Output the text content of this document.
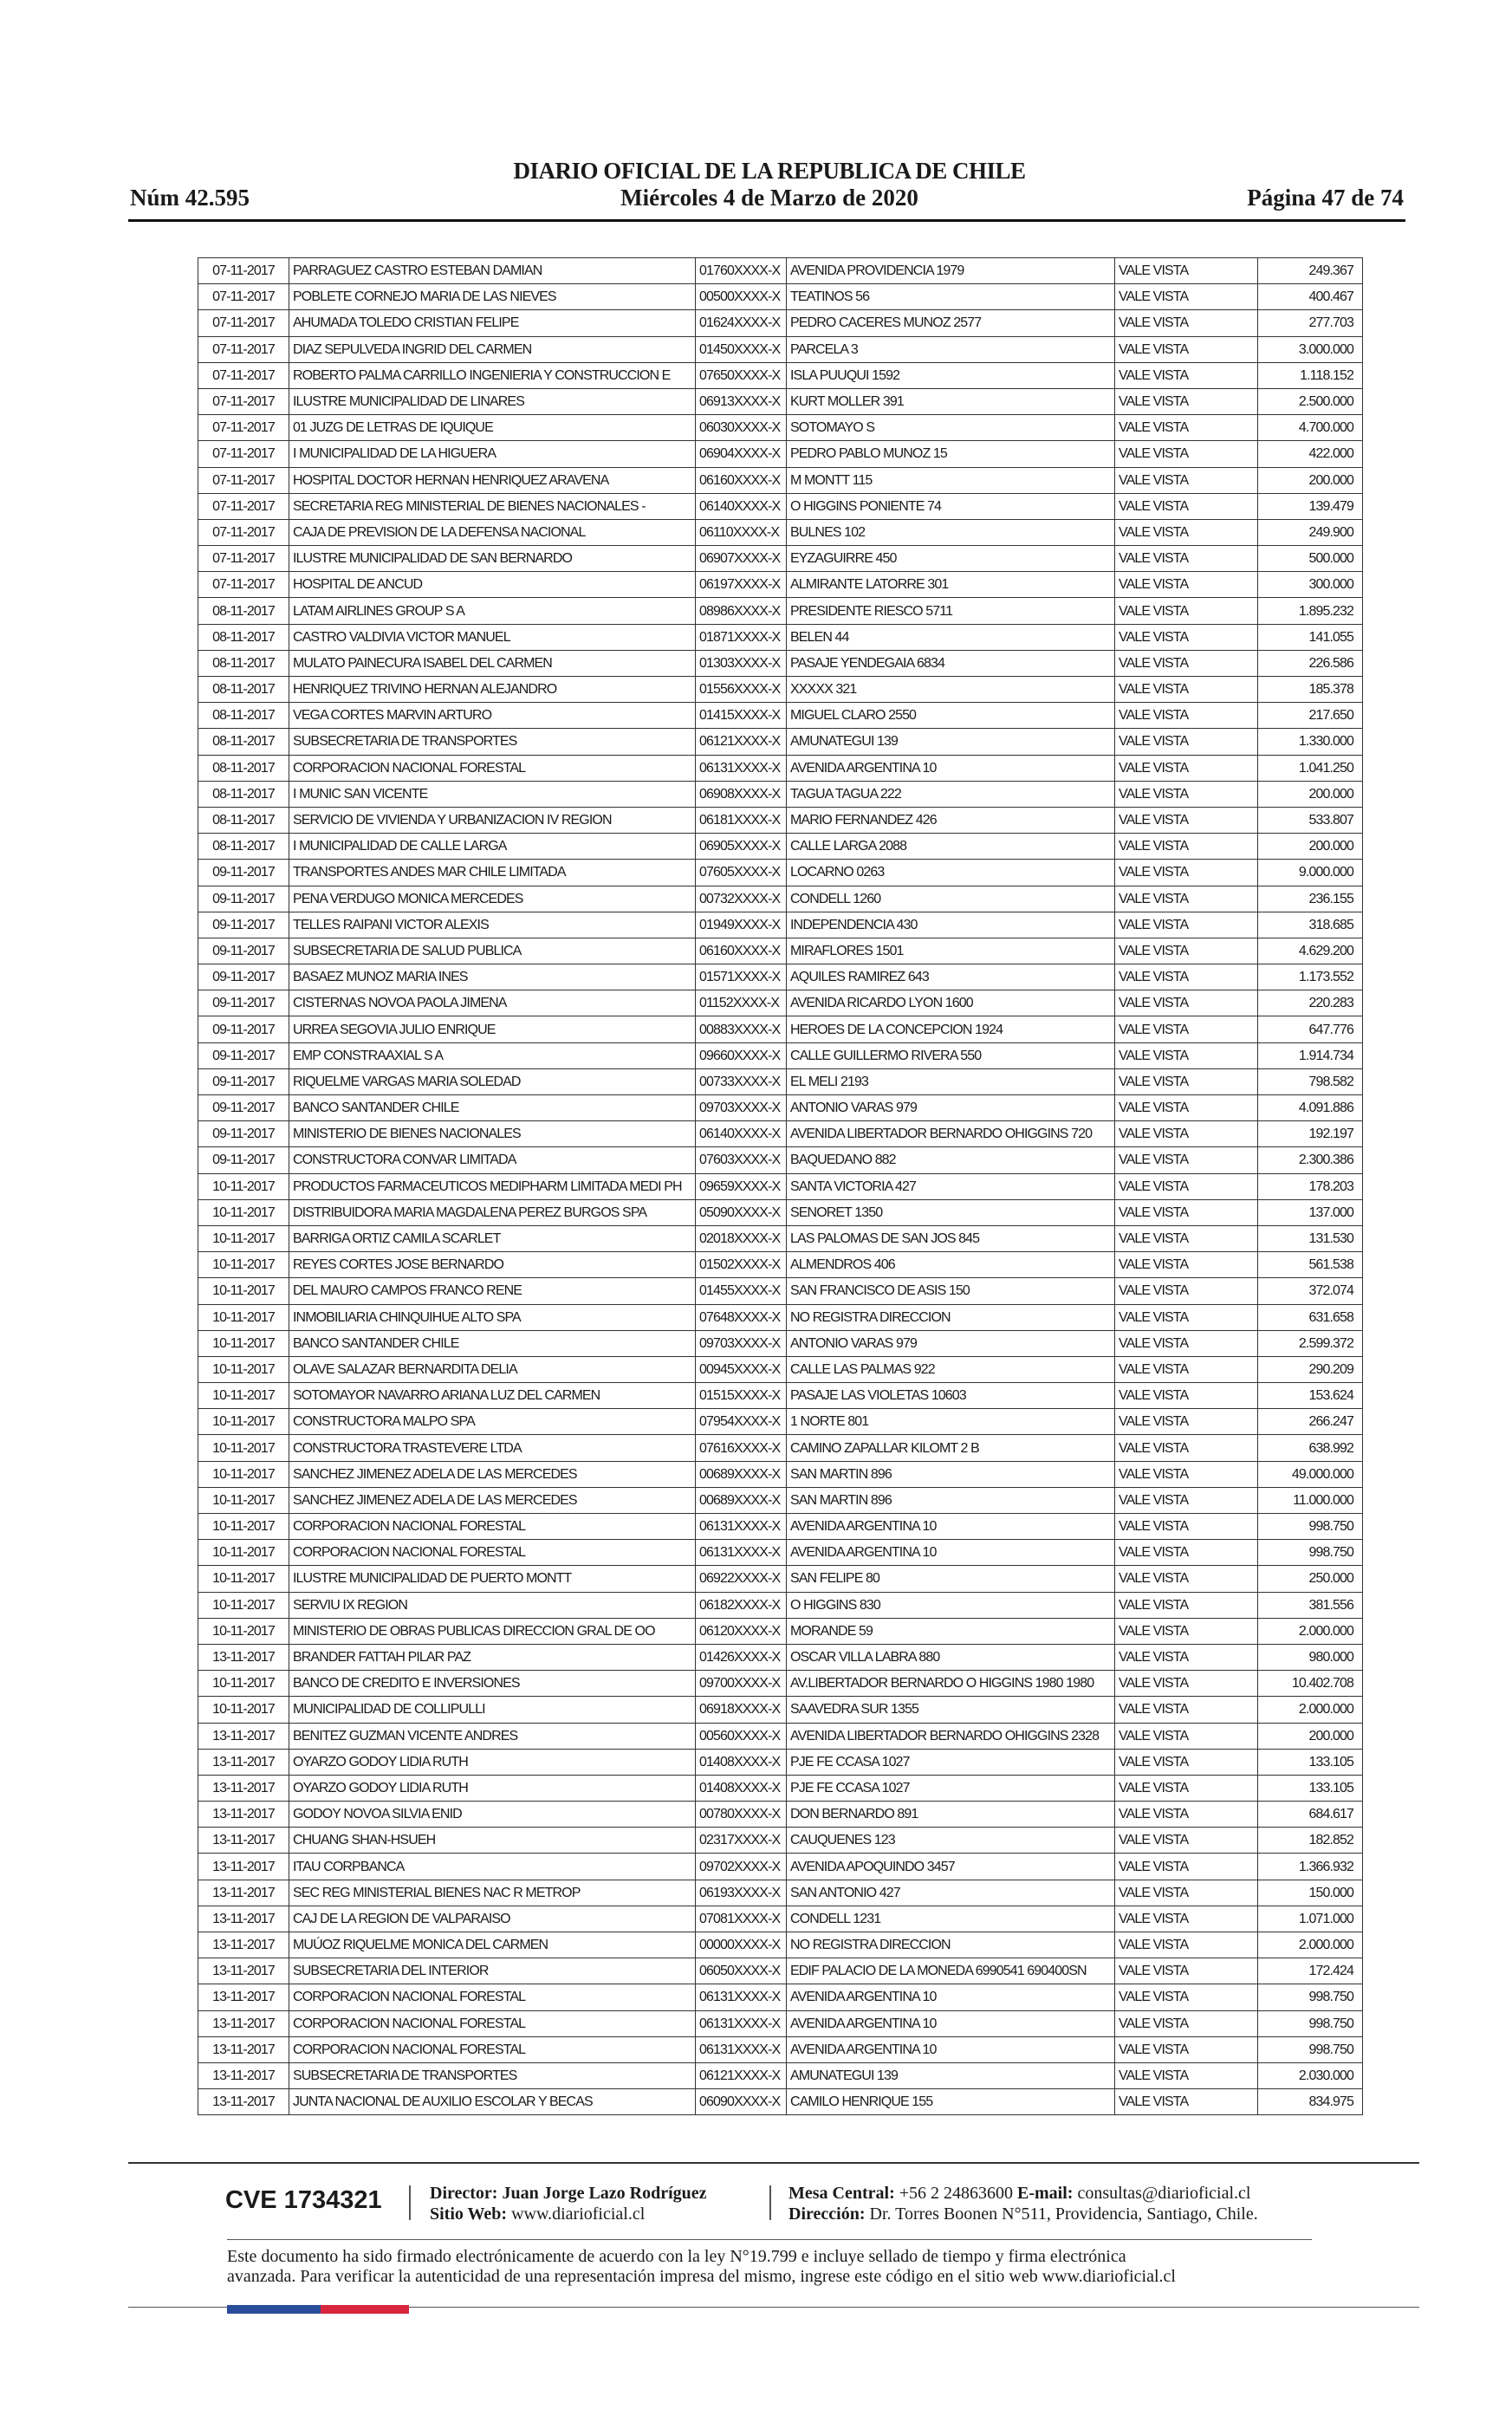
DIARIO OFICIAL DE LA REPUBLICA DE CHILE
Núm 42.595	Miércoles 4 de Marzo de 2020	Página 47 de 74
07-11-2017	PARRAGUEZ CASTRO ESTEBAN DAMIAN	01760XXXX-X	AVENIDA PROVIDENCIA 1979	VALE VISTA	249.367
07-11-2017	POBLETE CORNEJO MARIA DE LAS NIEVES	00500XXXX-X	TEATINOS 56	VALE VISTA	400.467
07-11-2017	AHUMADA TOLEDO CRISTIAN FELIPE	01624XXXX-X	PEDRO CACERES MUNOZ 2577	VALE VISTA	277.703
07-11-2017	DIAZ SEPULVEDA INGRID DEL CARMEN	01450XXXX-X	PARCELA 3	VALE VISTA	3.000.000
07-11-2017	ROBERTO PALMA CARRILLO INGENIERIA Y CONSTRUCCION E	07650XXXX-X	ISLA PUUQUI 1592	VALE VISTA	1.118.152
07-11-2017	ILUSTRE MUNICIPALIDAD DE LINARES	06913XXXX-X	KURT MOLLER 391	VALE VISTA	2.500.000
07-11-2017	01 JUZG DE LETRAS DE IQUIQUE	06030XXXX-X	SOTOMAYO S	VALE VISTA	4.700.000
07-11-2017	I MUNICIPALIDAD DE LA HIGUERA	06904XXXX-X	PEDRO PABLO MUNOZ 15	VALE VISTA	422.000
07-11-2017	HOSPITAL DOCTOR HERNAN HENRIQUEZ ARAVENA	06160XXXX-X	M MONTT 115	VALE VISTA	200.000
07-11-2017	SECRETARIA REG MINISTERIAL DE BIENES NACIONALES -	06140XXXX-X	O HIGGINS PONIENTE 74	VALE VISTA	139.479
07-11-2017	CAJA DE PREVISION DE LA DEFENSA NACIONAL	06110XXXX-X	BULNES 102	VALE VISTA	249.900
07-11-2017	ILUSTRE MUNICIPALIDAD DE SAN BERNARDO	06907XXXX-X	EYZAGUIRRE 450	VALE VISTA	500.000
07-11-2017	HOSPITAL DE ANCUD	06197XXXX-X	ALMIRANTE LATORRE 301	VALE VISTA	300.000
08-11-2017	LATAM AIRLINES GROUP S A	08986XXXX-X	PRESIDENTE RIESCO 5711	VALE VISTA	1.895.232
08-11-2017	CASTRO VALDIVIA VICTOR MANUEL	01871XXXX-X	BELEN 44	VALE VISTA	141.055
08-11-2017	MULATO PAINECURA ISABEL DEL CARMEN	01303XXXX-X	PASAJE YENDEGAIA 6834	VALE VISTA	226.586
08-11-2017	HENRIQUEZ TRIVINO HERNAN ALEJANDRO	01556XXXX-X	XXXXX 321	VALE VISTA	185.378
08-11-2017	VEGA CORTES MARVIN ARTURO	01415XXXX-X	MIGUEL CLARO 2550	VALE VISTA	217.650
08-11-2017	SUBSECRETARIA DE TRANSPORTES	06121XXXX-X	AMUNATEGUI 139	VALE VISTA	1.330.000
08-11-2017	CORPORACION NACIONAL FORESTAL	06131XXXX-X	AVENIDA ARGENTINA 10	VALE VISTA	1.041.250
08-11-2017	I MUNIC SAN VICENTE	06908XXXX-X	TAGUA TAGUA 222	VALE VISTA	200.000
08-11-2017	SERVICIO DE VIVIENDA Y URBANIZACION IV REGION	06181XXXX-X	MARIO FERNANDEZ 426	VALE VISTA	533.807
08-11-2017	I MUNICIPALIDAD DE CALLE LARGA	06905XXXX-X	CALLE LARGA 2088	VALE VISTA	200.000
09-11-2017	TRANSPORTES ANDES MAR CHILE LIMITADA	07605XXXX-X	LOCARNO 0263	VALE VISTA	9.000.000
09-11-2017	PENA VERDUGO MONICA MERCEDES	00732XXXX-X	CONDELL 1260	VALE VISTA	236.155
09-11-2017	TELLES RAIPANI VICTOR ALEXIS	01949XXXX-X	INDEPENDENCIA 430	VALE VISTA	318.685
09-11-2017	SUBSECRETARIA DE SALUD PUBLICA	06160XXXX-X	MIRAFLORES 1501	VALE VISTA	4.629.200
09-11-2017	BASAEZ MUNOZ MARIA INES	01571XXXX-X	AQUILES RAMIREZ 643	VALE VISTA	1.173.552
09-11-2017	CISTERNAS NOVOA PAOLA JIMENA	01152XXXX-X	AVENIDA RICARDO LYON 1600	VALE VISTA	220.283
09-11-2017	URREA SEGOVIA JULIO ENRIQUE	00883XXXX-X	HEROES DE LA CONCEPCION 1924	VALE VISTA	647.776
09-11-2017	EMP CONSTRAAXIAL S A	09660XXXX-X	CALLE GUILLERMO RIVERA 550	VALE VISTA	1.914.734
09-11-2017	RIQUELME VARGAS MARIA SOLEDAD	00733XXXX-X	EL MELI 2193	VALE VISTA	798.582
09-11-2017	BANCO SANTANDER CHILE	09703XXXX-X	ANTONIO VARAS 979	VALE VISTA	4.091.886
09-11-2017	MINISTERIO DE BIENES NACIONALES	06140XXXX-X	AVENIDA LIBERTADOR BERNARDO OHIGGINS 720	VALE VISTA	192.197
09-11-2017	CONSTRUCTORA CONVAR LIMITADA	07603XXXX-X	BAQUEDANO 882	VALE VISTA	2.300.386
10-11-2017	PRODUCTOS FARMACEUTICOS MEDIPHARM LIMITADA MEDI PH	09659XXXX-X	SANTA VICTORIA 427	VALE VISTA	178.203
10-11-2017	DISTRIBUIDORA MARIA MAGDALENA PEREZ BURGOS SPA	05090XXXX-X	SENORET 1350	VALE VISTA	137.000
10-11-2017	BARRIGA ORTIZ CAMILA SCARLET	02018XXXX-X	LAS PALOMAS DE SAN JOS 845	VALE VISTA	131.530
10-11-2017	REYES CORTES JOSE BERNARDO	01502XXXX-X	ALMENDROS 406	VALE VISTA	561.538
10-11-2017	DEL MAURO CAMPOS FRANCO RENE	01455XXXX-X	SAN FRANCISCO DE ASIS 150	VALE VISTA	372.074
10-11-2017	INMOBILIARIA CHINQUIHUE ALTO SPA	07648XXXX-X	NO REGISTRA DIRECCION	VALE VISTA	631.658
10-11-2017	BANCO SANTANDER CHILE	09703XXXX-X	ANTONIO VARAS 979	VALE VISTA	2.599.372
10-11-2017	OLAVE SALAZAR BERNARDITA DELIA	00945XXXX-X	CALLE LAS PALMAS 922	VALE VISTA	290.209
10-11-2017	SOTOMAYOR NAVARRO ARIANA LUZ DEL CARMEN	01515XXXX-X	PASAJE LAS VIOLETAS 10603	VALE VISTA	153.624
10-11-2017	CONSTRUCTORA MALPO SPA	07954XXXX-X	1 NORTE 801	VALE VISTA	266.247
10-11-2017	CONSTRUCTORA TRASTEVERE LTDA	07616XXXX-X	CAMINO ZAPALLAR KILOMT 2 B	VALE VISTA	638.992
10-11-2017	SANCHEZ JIMENEZ ADELA DE LAS MERCEDES	00689XXXX-X	SAN MARTIN 896	VALE VISTA	49.000.000
10-11-2017	SANCHEZ JIMENEZ ADELA DE LAS MERCEDES	00689XXXX-X	SAN MARTIN 896	VALE VISTA	11.000.000
10-11-2017	CORPORACION NACIONAL FORESTAL	06131XXXX-X	AVENIDA ARGENTINA 10	VALE VISTA	998.750
10-11-2017	CORPORACION NACIONAL FORESTAL	06131XXXX-X	AVENIDA ARGENTINA 10	VALE VISTA	998.750
10-11-2017	ILUSTRE MUNICIPALIDAD DE PUERTO MONTT	06922XXXX-X	SAN FELIPE 80	VALE VISTA	250.000
10-11-2017	SERVIU IX REGION	06182XXXX-X	O HIGGINS 830	VALE VISTA	381.556
10-11-2017	MINISTERIO DE OBRAS PUBLICAS DIRECCION GRAL DE OO	06120XXXX-X	MORANDE 59	VALE VISTA	2.000.000
13-11-2017	BRANDER FATTAH PILAR PAZ	01426XXXX-X	OSCAR VILLA LABRA 880	VALE VISTA	980.000
10-11-2017	BANCO DE CREDITO E INVERSIONES	09700XXXX-X	AV.LIBERTADOR BERNARDO O HIGGINS 1980 1980	VALE VISTA	10.402.708
10-11-2017	MUNICIPALIDAD DE COLLIPULLI	06918XXXX-X	SAAVEDRA SUR 1355	VALE VISTA	2.000.000
13-11-2017	BENITEZ GUZMAN VICENTE ANDRES	00560XXXX-X	AVENIDA LIBERTADOR BERNARDO OHIGGINS 2328	VALE VISTA	200.000
13-11-2017	OYARZO GODOY LIDIA RUTH	01408XXXX-X	PJE FE CCASA 1027	VALE VISTA	133.105
13-11-2017	OYARZO GODOY LIDIA RUTH	01408XXXX-X	PJE FE CCASA 1027	VALE VISTA	133.105
13-11-2017	GODOY NOVOA SILVIA ENID	00780XXXX-X	DON BERNARDO 891	VALE VISTA	684.617
13-11-2017	CHUANG SHAN-HSUEH	02317XXXX-X	CAUQUENES 123	VALE VISTA	182.852
13-11-2017	ITAU CORPBANCA	09702XXXX-X	AVENIDA APOQUINDO 3457	VALE VISTA	1.366.932
13-11-2017	SEC REG MINISTERIAL BIENES NAC R METROP	06193XXXX-X	SAN ANTONIO 427	VALE VISTA	150.000
13-11-2017	CAJ DE LA REGION DE VALPARAISO	07081XXXX-X	CONDELL 1231	VALE VISTA	1.071.000
13-11-2017	MUÚOZ RIQUELME MONICA DEL CARMEN	00000XXXX-X	NO REGISTRA DIRECCION	VALE VISTA	2.000.000
13-11-2017	SUBSECRETARIA DEL INTERIOR	06050XXXX-X	EDIF PALACIO DE LA MONEDA 6990541 690400SN	VALE VISTA	172.424
13-11-2017	CORPORACION NACIONAL FORESTAL	06131XXXX-X	AVENIDA ARGENTINA 10	VALE VISTA	998.750
13-11-2017	CORPORACION NACIONAL FORESTAL	06131XXXX-X	AVENIDA ARGENTINA 10	VALE VISTA	998.750
13-11-2017	CORPORACION NACIONAL FORESTAL	06131XXXX-X	AVENIDA ARGENTINA 10	VALE VISTA	998.750
13-11-2017	SUBSECRETARIA DE TRANSPORTES	06121XXXX-X	AMUNATEGUI 139	VALE VISTA	2.030.000
13-11-2017	JUNTA NACIONAL DE AUXILIO ESCOLAR Y BECAS	06090XXXX-X	CAMILO HENRIQUE 155	VALE VISTA	834.975
CVE 1734321	Director: Juan Jorge Lazo Rodríguez
Sitio Web: www.diarioficial.cl
Mesa Central: +56 2 24863600 E-mail: consultas@diarioficial.cl
Dirección: Dr. Torres Boonen N°511, Providencia, Santiago, Chile.
Este documento ha sido firmado electrónicamente de acuerdo con la ley N°19.799 e incluye sellado de tiempo y firma electrónica
avanzada. Para verificar la autenticidad de una representación impresa del mismo, ingrese este código en el sitio web www.diarioficial.cl
